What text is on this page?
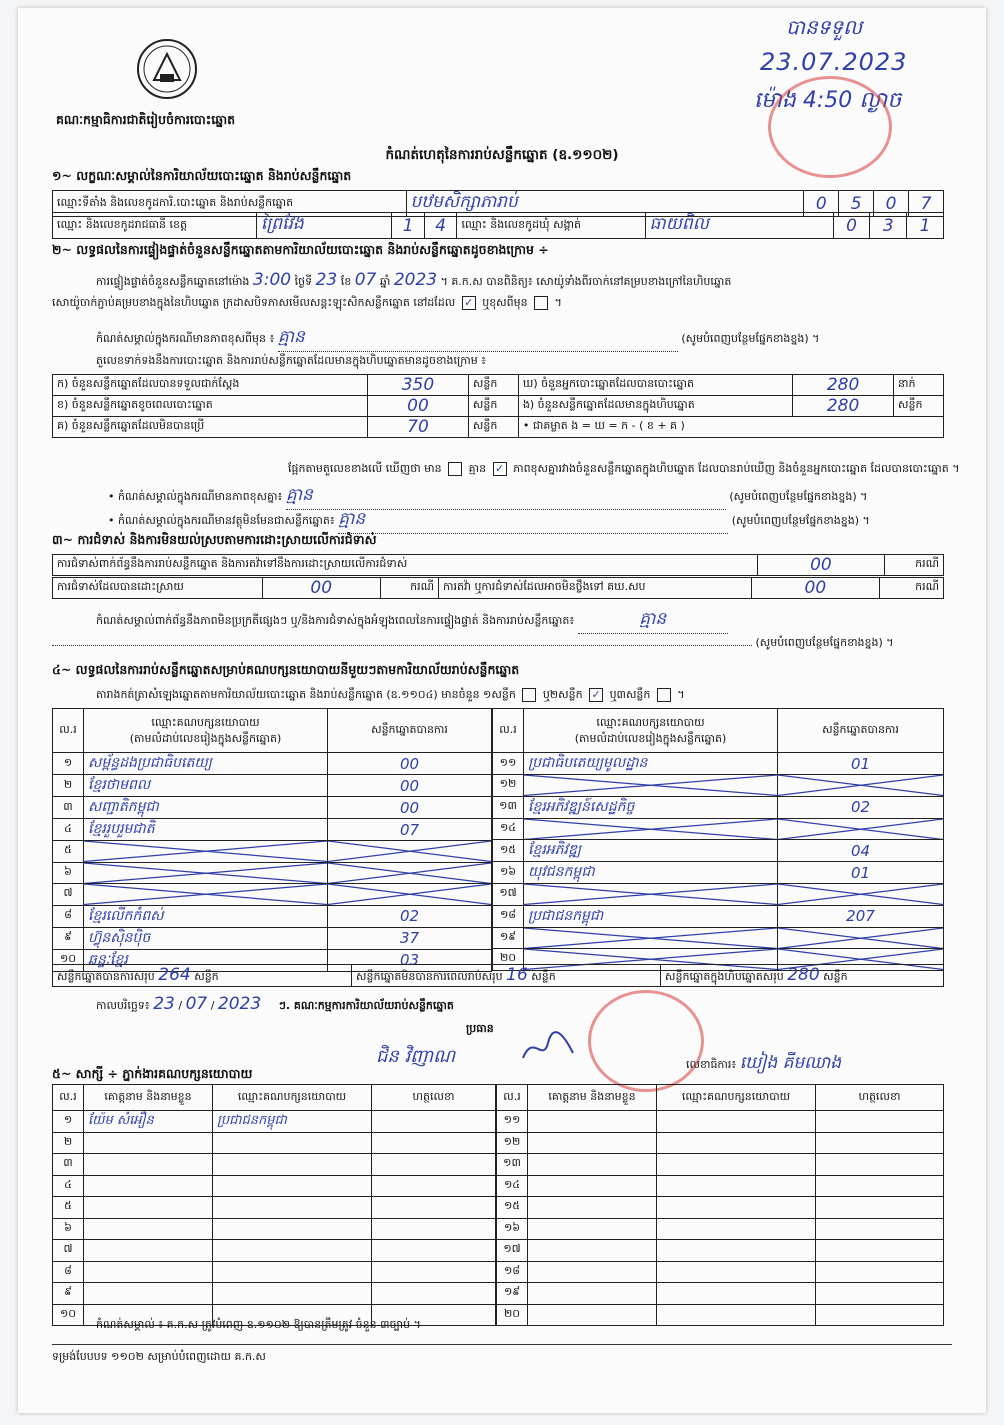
គណៈកម្មាធិការជាតិរៀបចំការបោះឆ្នោត
បានទទួល
23.07.2023
ម៉ោង 4:50 ល្ងាច
កំណត់ហេតុនៃការរាប់សន្លឹកឆ្នោត (ឧ.១១០២)
១~ លក្ខណៈសម្គាល់នៃការិយាល័យបោះឆ្នោត និងរាប់សន្លឹកឆ្នោត
ឈ្មោះទីតាំង និងលេខកូដការិ.បោះឆ្នោត និងរាប់សន្លឹកឆ្នោត	បឋមសិក្សាភារាប់	0	5	0	7
ឈ្មោះ និងលេខកូដរាជធានី ខេត្ត	ព្រៃវែង	1	4	ឈ្មោះ និងលេខកូដឃុំ សង្កាត់	ធាយពិល	0	3	1
២~ លទ្ធផលនៃការផ្ទៀងផ្ទាត់ចំនួនសន្លឹកឆ្នោតតាមការិយាល័យបោះឆ្នោត និងរាប់សន្លឹកឆ្នោតដូចខាងក្រោម ÷
ការផ្ទៀងផ្ទាត់ចំនួនសន្លឹកឆ្នោតនៅម៉ោង 3:00 ថ្ងៃទី 23 ខែ 07 ឆ្នាំ 2023 ។ គ.ក.ស បានពិនិត្យ៖ សោយ៉ូទាំងពីរចាក់នៅគម្របខាងក្រៅនៃហិបឆ្នោត
សោយ៉ូចាក់ភ្ជាប់គម្របខាងក្នុងនៃហិបឆ្នោត ក្រដាសបិទភាសមើលសន្តះឡុះសិកសន្លឹកឆ្នោត នៅដដែល ✓ ឬខុសពីមុន ។
កំណត់សម្គាល់ក្នុងករណីមានភាពខុសពីមុន ៖ គ្មាន	(សូមបំពេញបន្ថែមផ្នែកខាងខ្នង) ។
តួលេខទាក់ទងនឹងការបោះឆ្នោត និងការរាប់សន្លឹកឆ្នោតដែលមានក្នុងហិបឆ្នោតមានដូចខាងក្រោម ៖
ក) ចំនួនសន្លឹកឆ្នោតដែលបានទទួលជាក់ស្តែង	350	សន្លឹក	ឃ) ចំនួនអ្នកបោះឆ្នោតដែលបានបោះឆ្នោត	280	នាក់
ខ) ចំនួនសន្លឹកឆ្នោតខូចពេលបោះឆ្នោត	00	សន្លឹក	ង) ចំនួនសន្លឹកឆ្នោតដែលមានក្នុងហិបឆ្នោត	280	សន្លឹក
គ) ចំនួនសន្លឹកឆ្នោតដែលមិនបានប្រើ	70	សន្លឹក	• ជាគម្លាត ង = ឃ = ក - ( ខ + គ )		
ផ្អែកតាមតួលេខខាងលើ ឃើញថា មាន គ្មាន ✓ ភាពខុសគ្នារវាងចំនួនសន្លឹកឆ្នោតក្នុងហិបឆ្នោត ដែលបានរាប់ឃើញ និងចំនួនអ្នកបោះឆ្នោត ដែលបានបោះឆ្នោត ។
• កំណត់សម្គាល់ក្នុងករណីមានភាពខុសគ្នា៖ គ្មាន	(សូមបំពេញបន្ថែមផ្នែកខាងខ្នង) ។
• កំណត់សម្គាល់ក្នុងករណីមានវត្ថុមិនមែនជាសន្លឹកឆ្នោត៖ គ្មាន	(សូមបំពេញបន្ថែមផ្នែកខាងខ្នង) ។
៣~ ការជំទាស់ និងការមិនយល់ស្របតាមការដោះស្រាយលើការជំទាស់
ការជំទាស់ពាក់ព័ន្ធនឹងការរាប់សន្លឹកឆ្នោត និងការតវ៉ាទៅនឹងការដោះស្រាយលើការជំទាស់	00	ករណី
ការជំទាស់ដែលបានដោះស្រាយ	00	ករណី	ការតវ៉ា ឬការជំទាស់ដែលអាចមិនថ្លឹងទៅ គឃ.សប	00	ករណី
កំណត់សម្គាល់ពាក់ព័ន្ធនឹងភាពមិនប្រក្រតីផ្សេងៗ ឬ/និងការជំទាស់ក្នុងអំឡុងពេលនៃការផ្ទៀងផ្ទាត់ និងការរាប់សន្លឹកឆ្នោត៖	គ្មាន
(សូមបំពេញបន្ថែមផ្នែកខាងខ្នង) ។
៤~ លទ្ធផលនៃការរាប់សន្លឹកឆ្នោតសម្រាប់គណបក្សនយោបាយនីមួយៗតាមការិយាល័យរាប់សន្លឹកឆ្នោត
តារាងកត់ត្រាសំឡេងឆ្នោតតាមការិយាល័យបោះឆ្នោត និងរាប់សន្លឹកឆ្នោត (ឧ.១១០៤) មានចំនួន ១សន្លឹក ឬ២សន្លឹក ✓ ឬ៣សន្លឹក ។
ល.រ	ឈ្មោះគណបក្សនយោបាយ
(តាមលំដាប់លេខរៀងក្នុងសន្លឹកឆ្នោត)	សន្លឹកឆ្នោតបានការ
១	សម្ព័ន្ធដងប្រជាធិបតេយ្យ	00
២	ខ្មែរថាមពល	00
៣	សញ្ជាតិកម្ពុជា	00
៤	ខ្មែររួបរួមជាតិ	07
៥	

៦	

៧	

៨	ខ្មែរលើកកំពស់	02
៩	ហ៊្វុនស៊ិនប៉ិច	37
១០	ឆន្ទៈខ្មែរ	03
ល.រ	ឈ្មោះគណបក្សនយោបាយ
(តាមលំដាប់លេខរៀងក្នុងសន្លឹកឆ្នោត)	សន្លឹកឆ្នោតបានការ
១១	ប្រជាធិបតេយ្យមូលដ្ឋាន	01
១២	

១៣	ខ្មែរអភិវឌ្ឍន៍សេដ្ឋកិច្ច	02
១៤	

១៥	ខ្មែរអភិវឌ្ឍ	04
១៦	យុវជនកម្ពុជា	01
១៧	

១៨	ប្រជាជនកម្ពុជា	207
១៩	

២០	

សន្លឹកឆ្នោតបានការសរុប 264 សន្លឹក	សន្លឹកឆ្នោតមិនបានការពេលរាប់សរុប 16 សន្លឹក	សន្លឹកឆ្នោតក្នុងហិបឆ្នោតសរុប 280 សន្លឹក
កាលបរិច្ឆេទ៖ 23 / 07 / 2023 ៗ. គណៈកម្មការការិយាល័យរាប់សន្លឹកឆ្នោត
ប្រធាន
ជិន វិញាណ	លេខាធិការ៖ ឃៀង គីមឈាង
៥~ សាក្សី ÷ ភ្នាក់ងារគណបក្សនយោបាយ
ល.រ	គោត្តនាម និងនាមខ្លួន	ឈ្មោះគណបក្សនយោបាយ	ហត្ថលេខា
១	យ៉ែម សំអឿន	ប្រជាជនកម្ពុជា	
២			
៣			
៤			
៥			
៦			
៧			
៨			
៩			
១០			
ល.រ	គោត្តនាម និងនាមខ្លួន	ឈ្មោះគណបក្សនយោបាយ	ហត្ថលេខា
១១			
១២			
១៣			
១៤			
១៥			
១៦			
១៧			
១៨			
១៩			
២០			
កំណត់សម្គាល់ ៖ គ.ក.ស ត្រូវបំពេញ ឧ.១១០២ ឱ្យបានត្រឹមត្រូវ ចំនួន ៣ច្បាប់ ។
ទម្រង់បែបបទ ១១០២ សម្រាប់បំពេញដោយ គ.ក.ស
